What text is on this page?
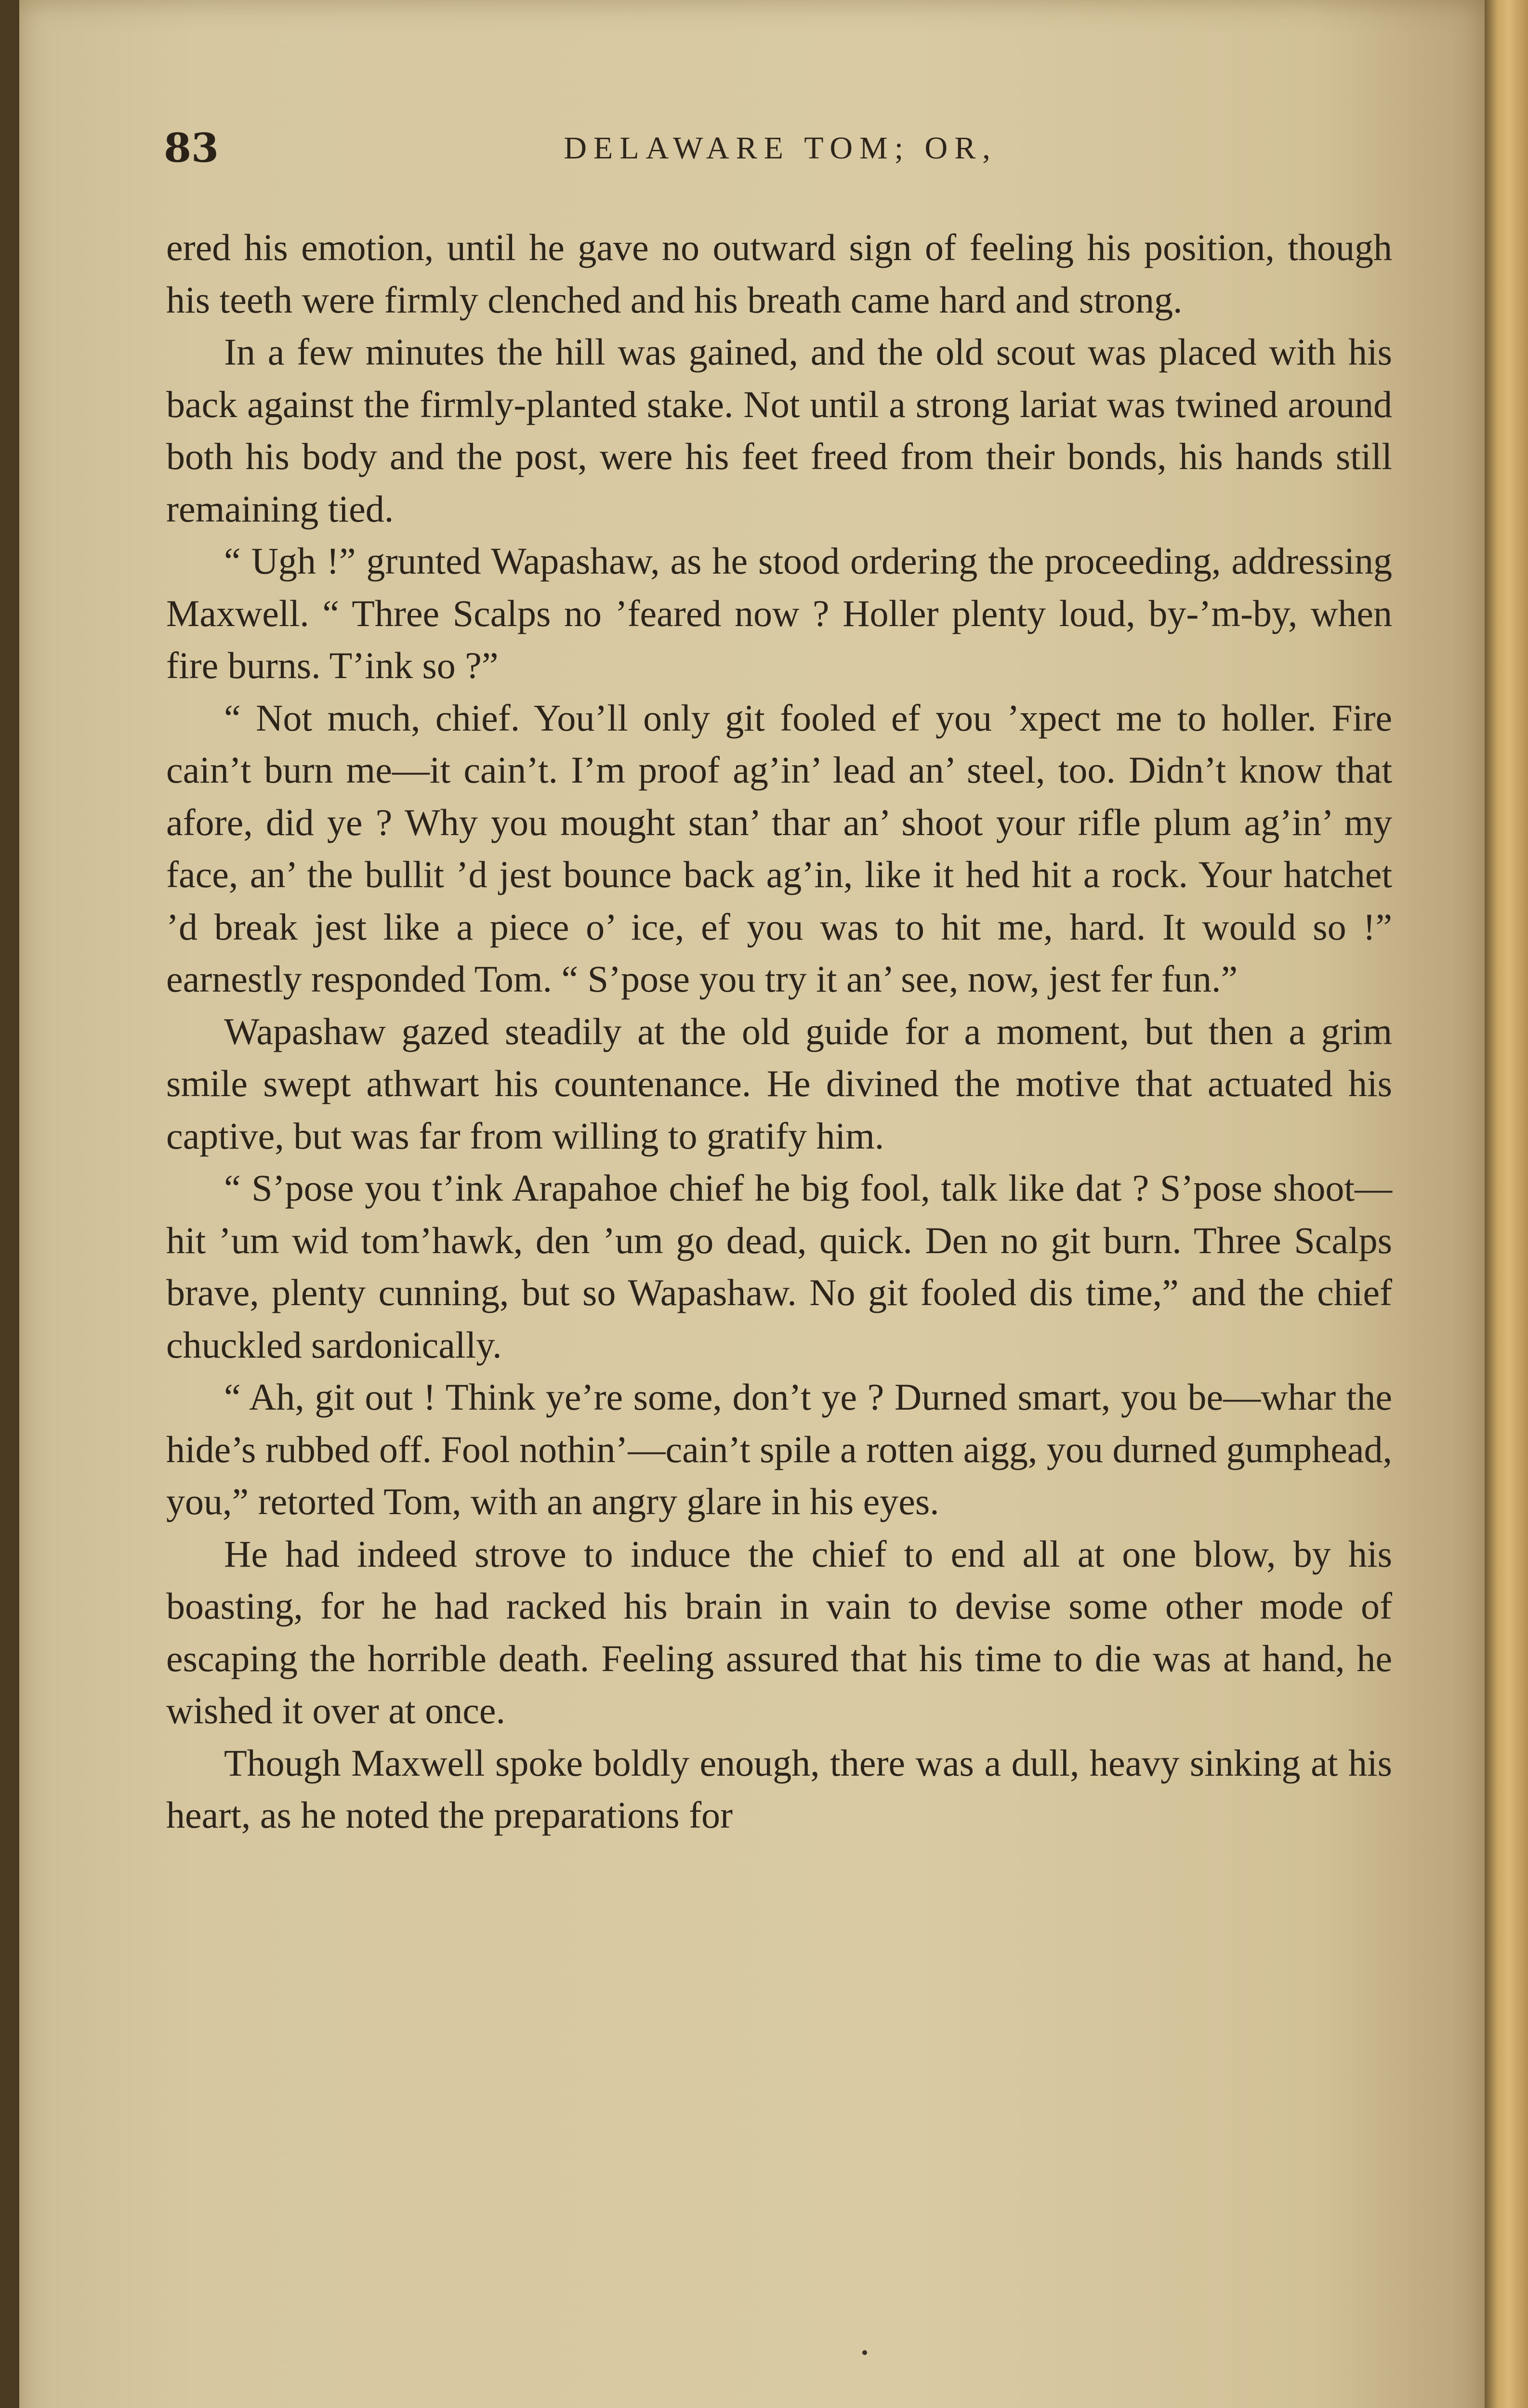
83	DELAWARE TOM; OR,

ered his emotion, until he gave no outward sign of feeling his position, though his teeth were firmly clenched and his breath came hard and strong.

In a few minutes the hill was gained, and the old scout was placed with his back against the firmly-planted stake. Not until a strong lariat was twined around both his body and the post, were his feet freed from their bonds, his hands still remaining tied.

“ Ugh !” grunted Wapashaw, as he stood ordering the proceeding, addressing Maxwell. “ Three Scalps no ’feared now ? Holler plenty loud, by-’m-by, when fire burns. T’ink so ?”

“ Not much, chief. You’ll only git fooled ef you ’xpect me to holler. Fire cain’t burn me—it cain’t. I’m proof ag’in’ lead an’ steel, too. Didn’t know that afore, did ye ? Why you mought stan’ thar an’ shoot your rifle plum ag’in’ my face, an’ the bullit ’d jest bounce back ag’in, like it hed hit a rock. Your hatchet ’d break jest like a piece o’ ice, ef you was to hit me, hard. It would so !” earnestly responded Tom. “ S’pose you try it an’ see, now, jest fer fun.”

Wapashaw gazed steadily at the old guide for a moment, but then a grim smile swept athwart his countenance. He divined the motive that actuated his captive, but was far from willing to gratify him.

“ S’pose you t’ink Arapahoe chief he big fool, talk like dat ? S’pose shoot—hit ’um wid tom’hawk, den ’um go dead, quick. Den no git burn. Three Scalps brave, plenty cunning, but so Wapashaw. No git fooled dis time,” and the chief chuckled sardonically.

“ Ah, git out ! Think ye’re some, don’t ye ? Durned smart, you be—whar the hide’s rubbed off. Fool nothin’—cain’t spile a rotten aigg, you durned gumphead, you,” retorted Tom, with an angry glare in his eyes.

He had indeed strove to induce the chief to end all at one blow, by his boasting, for he had racked his brain in vain to devise some other mode of escaping the horrible death. Feeling assured that his time to die was at hand, he wished it over at once.

Though Maxwell spoke boldly enough, there was a dull, heavy sinking at his heart, as he noted the preparations for
